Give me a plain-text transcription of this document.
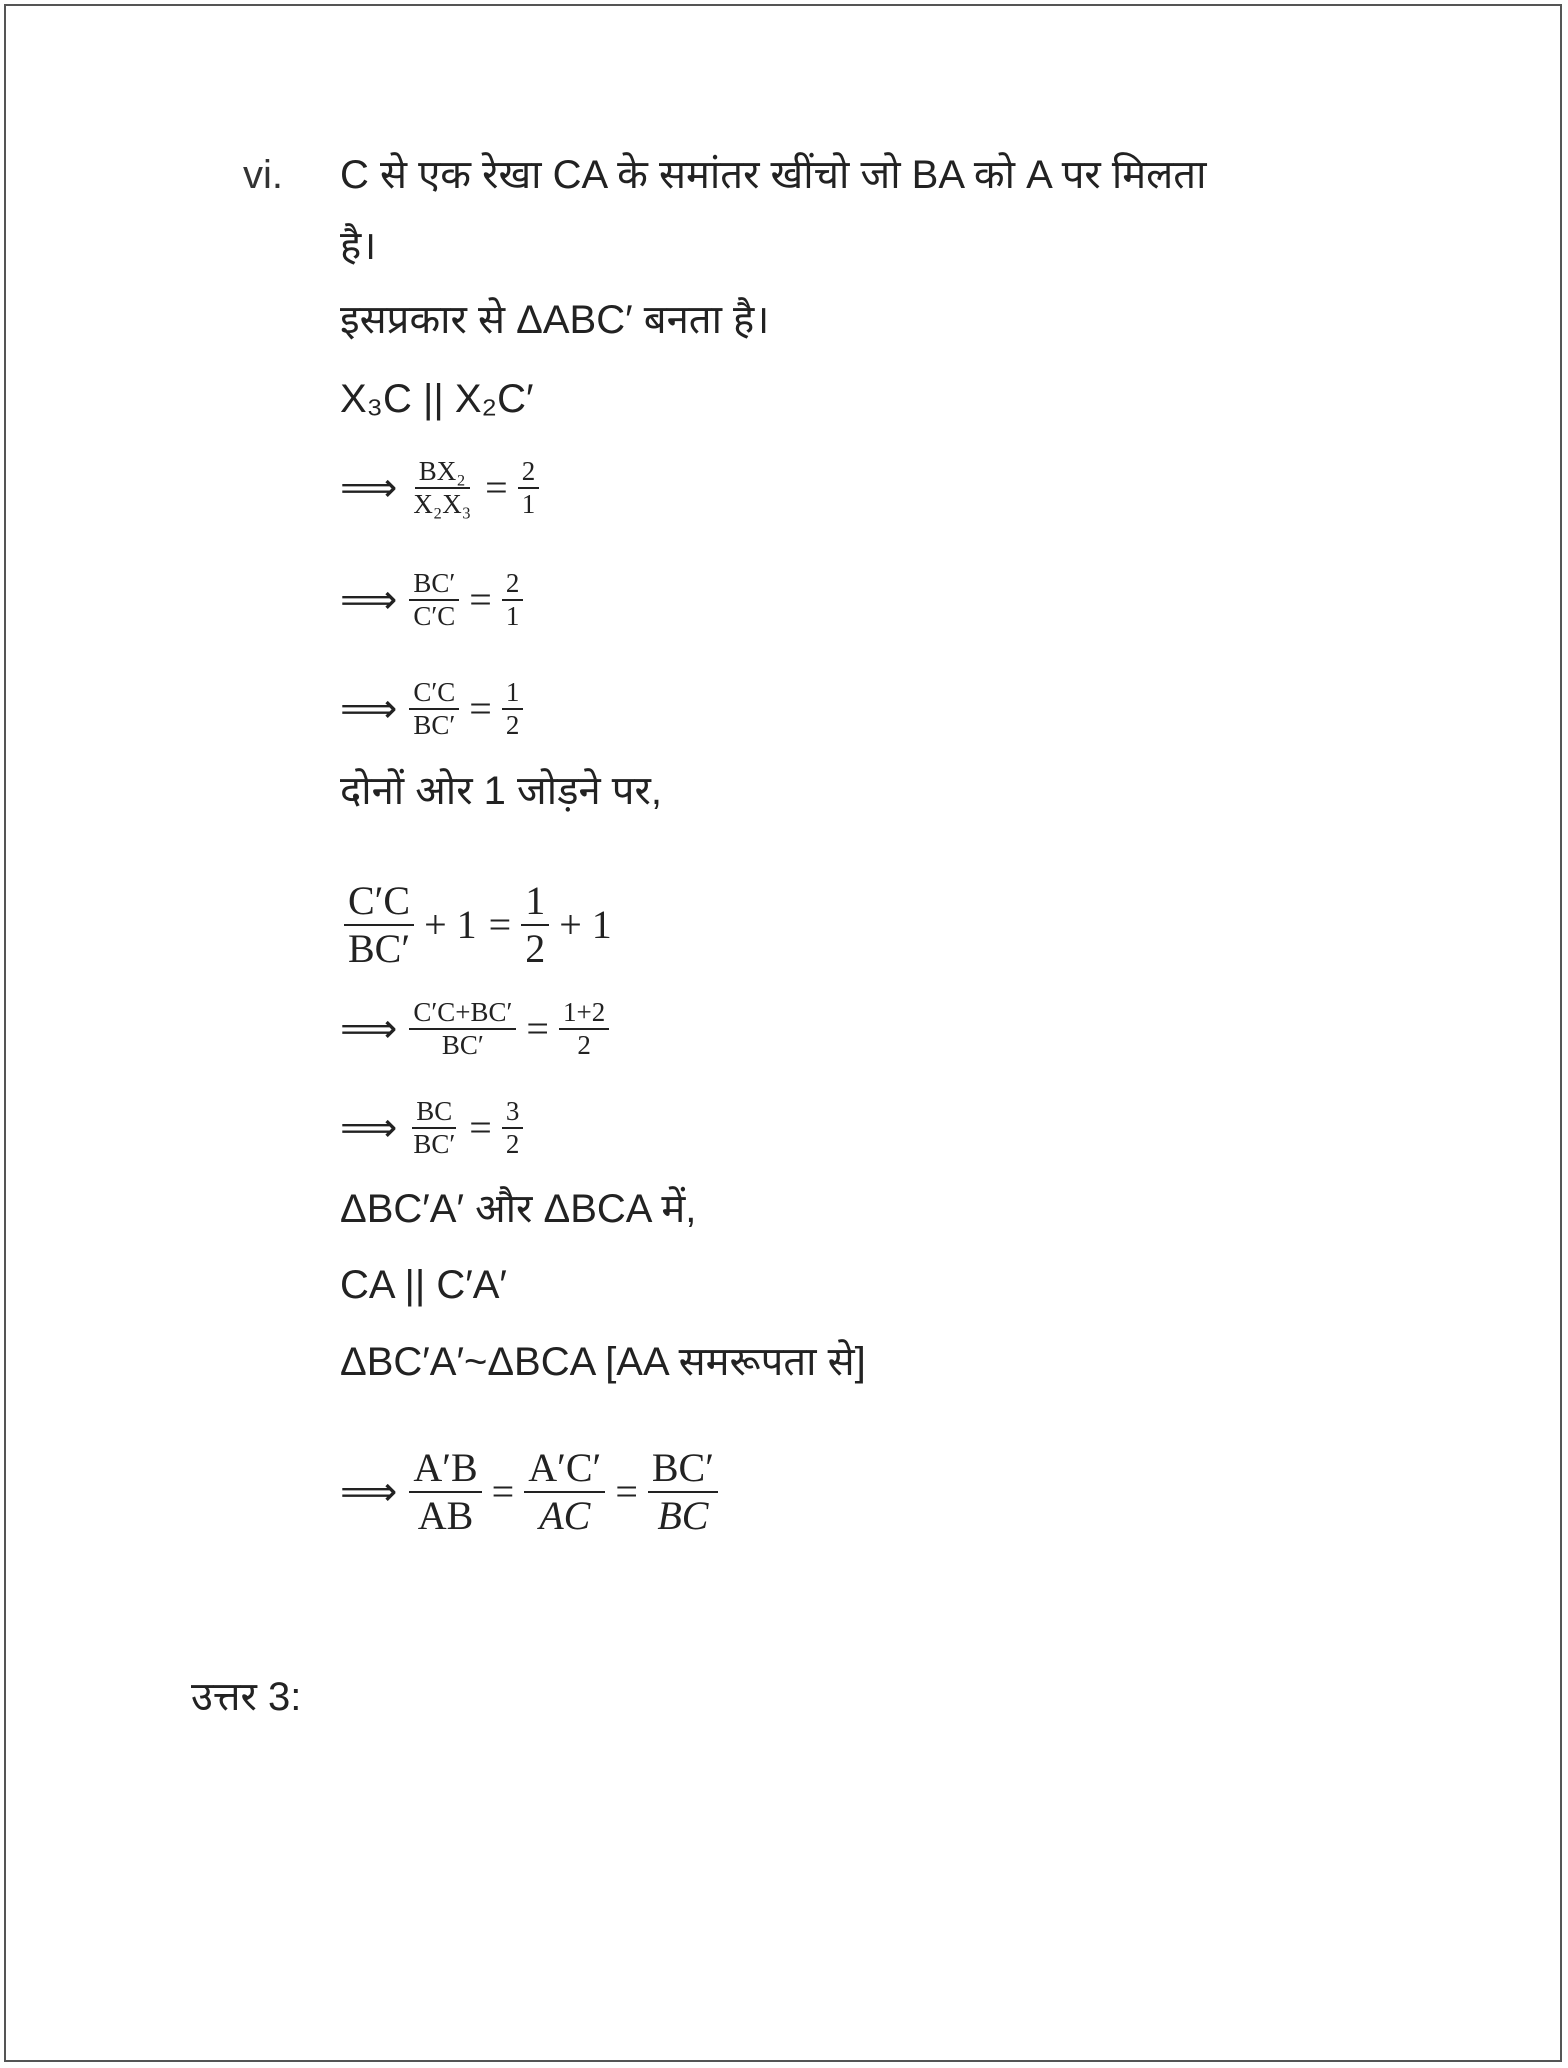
vi. C से एक रेखा CA के समांतर खींचो जो BA को A पर मिलता
है।
इसप्रकार से ΔABC′ बनता है।
X₃C || X₂C′
⟹ $\frac{\text{BX₂}}{\text{X₂X₃}} = \frac{2}{1}$
⟹ $\frac{BC'}{C'C} = \frac{2}{1}$
⟹ $\frac{C'C}{BC'} = \frac{1}{2}$
दोनों ओर 1 जोड़ने पर,
$\frac{C'C}{BC'} + 1 = \frac{1}{2} + 1$
⟹ $\frac{C'C+BC'}{BC'} = \frac{1+2}{2}$
⟹ $\frac{BC}{BC'} = \frac{3}{2}$
ΔBC′A′ और ΔBCA में,
CA || C′A′
ΔBC′A′~ΔBCA [AA समरूपता से]
⟹ $\frac{A'B}{AB} = \frac{A'C'}{AC} = \frac{BC'}{BC}$
उत्तर 3:
